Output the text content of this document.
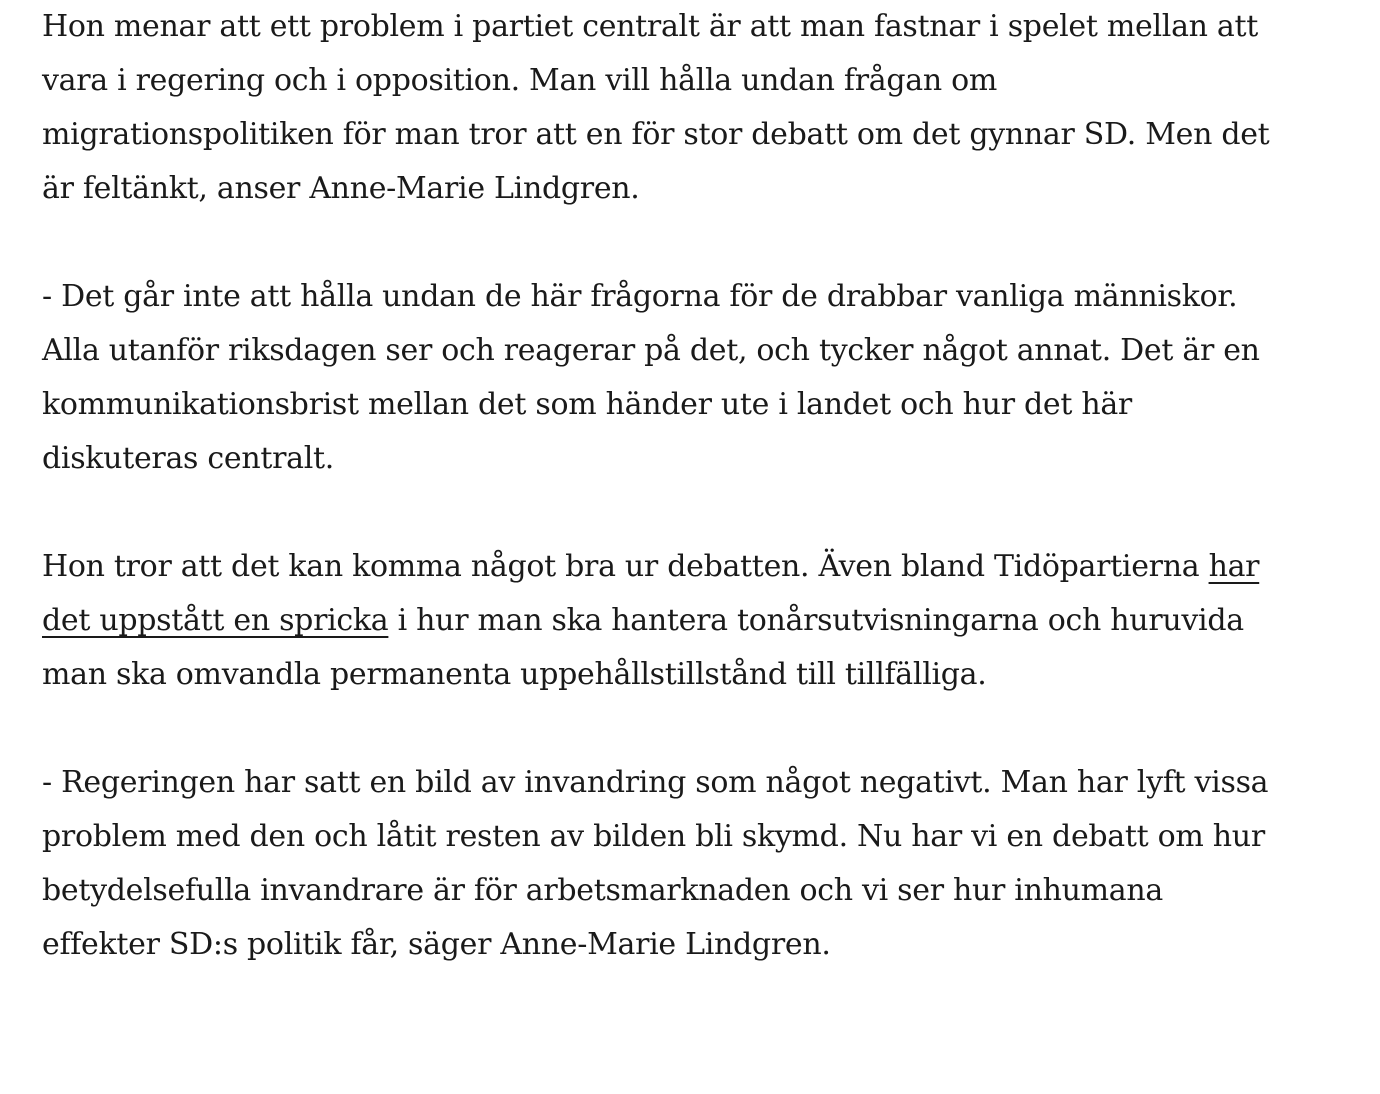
Hon menar att ett problem i partiet centralt är att man fastnar i spelet mellan att vara i regering och i opposition. Man vill hålla undan frågan om migrationspolitiken för man tror att en för stor debatt om det gynnar SD. Men det är feltänkt, anser Anne-Marie Lindgren.

- Det går inte att hålla undan de här frågorna för de drabbar vanliga människor. Alla utanför riksdagen ser och reagerar på det, och tycker något annat. Det är en kommunikationsbrist mellan det som händer ute i landet och hur det här diskuteras centralt.

Hon tror att det kan komma något bra ur debatten. Även bland Tidöpartierna har det uppstått en spricka i hur man ska hantera tonårsutvisningarna och huruvida man ska omvandla permanenta uppehållstillstånd till tillfälliga.

- Regeringen har satt en bild av invandring som något negativt. Man har lyft vissa problem med den och låtit resten av bilden bli skymd. Nu har vi en debatt om hur betydelsefulla invandrare är för arbetsmarknaden och vi ser hur inhumana effekter SD:s politik får, säger Anne-Marie Lindgren.
